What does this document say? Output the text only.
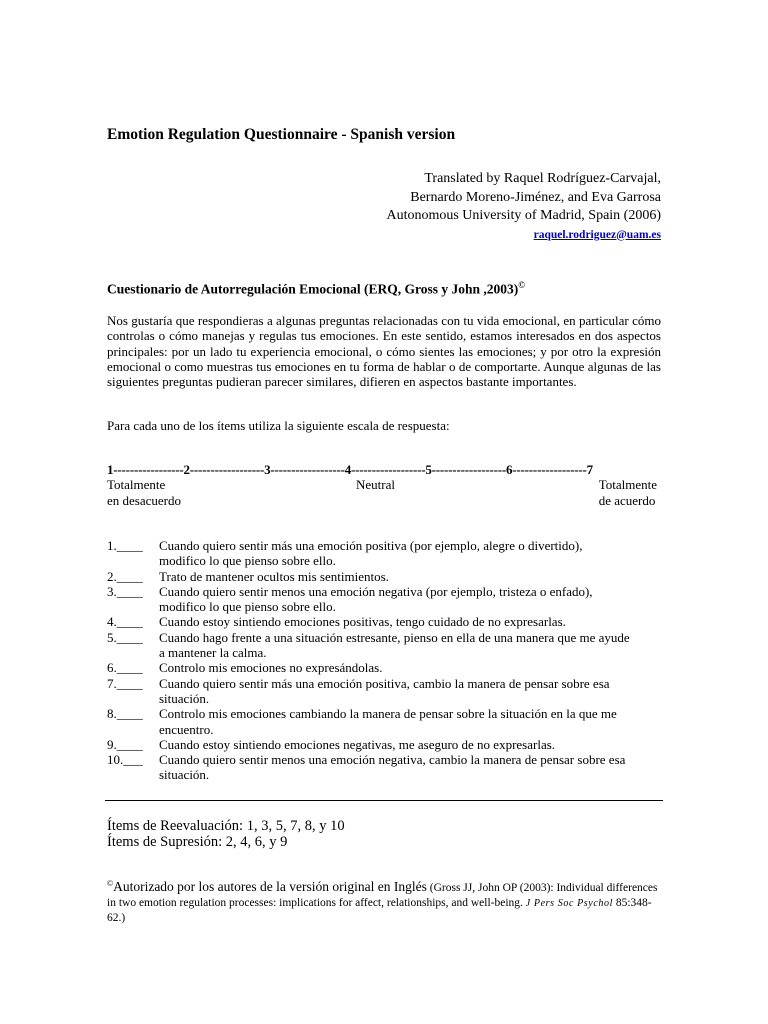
Emotion Regulation Questionnaire - Spanish version
Translated by Raquel Rodríguez-Carvajal,
Bernardo Moreno-Jiménez, and Eva Garrosa
Autonomous University of Madrid, Spain (2006)
raquel.rodriguez@uam.es
Cuestionario de Autorregulación Emocional (ERQ, Gross y John ,2003)©

Nos gustaría que respondieras a algunas preguntas relacionadas con tu vida emocional, en particular cómo controlas o cómo manejas y regulas tus emociones. En este sentido, estamos interesados en dos aspectos principales: por un lado tu experiencia emocional, o cómo sientes las emociones; y por otro la expresión emocional o como muestras tus emociones en tu forma de hablar o de comportarte. Aunque algunas de las siguientes preguntas pudieran parecer similares, difieren en aspectos bastante importantes.

Para cada uno de los ítems utiliza la siguiente escala de respuesta:

1-----------------2------------------3------------------4------------------5------------------6------------------7
Totalmente
en desacuerdo
Neutral	Totalmente
de acuerdo
1.____	Cuando quiero sentir más una emoción positiva (por ejemplo, alegre o divertido),
modifico lo que pienso sobre ello.
2.____	Trato de mantener ocultos mis sentimientos.
3.____	Cuando quiero sentir menos una emoción negativa (por ejemplo, tristeza o enfado),
modifico lo que pienso sobre ello.
4.____	Cuando estoy sintiendo emociones positivas, tengo cuidado de no expresarlas.
5.____	Cuando hago frente a una situación estresante, pienso en ella de una manera que me ayude
a mantener la calma.
6.____	Controlo mis emociones no expresándolas.
7.____	Cuando quiero sentir más una emoción positiva, cambio la manera de pensar sobre esa
situación.
8.____	Controlo mis emociones cambiando la manera de pensar sobre la situación en la que me
encuentro.
9.____	Cuando estoy sintiendo emociones negativas, me aseguro de no expresarlas.
10.___	Cuando quiero sentir menos una emoción negativa, cambio la manera de pensar sobre esa
situación.
Ítems de Reevaluación: 1, 3, 5, 7, 8, y 10
Ítems de Supresión: 2, 4, 6, y 9
©Autorizado por los autores de la versión original en Inglés (Gross JJ, John OP (2003): Individual differences in two emotion regulation processes: implications for affect, relationships, and well-being. J Pers Soc Psychol 85:348-62.)
